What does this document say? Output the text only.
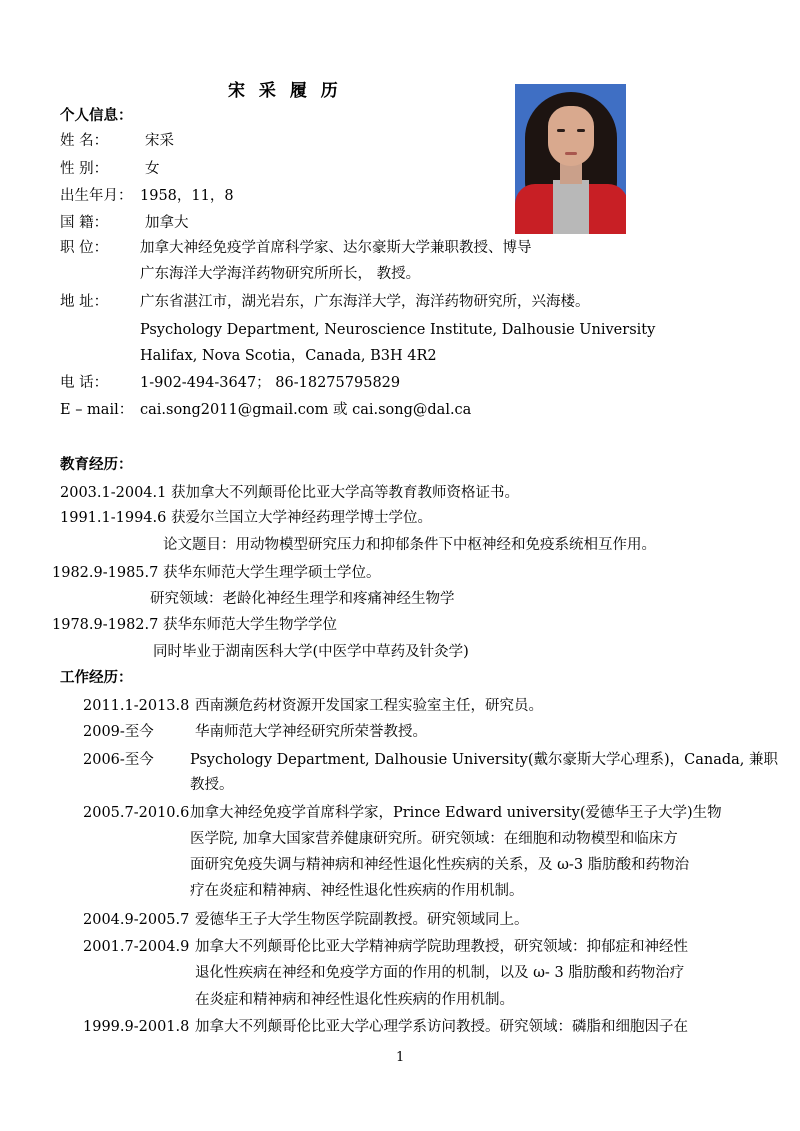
宋 采 履 历
个人信息：
姓 名：	宋采
性 别：	女
出生年月： 1958，11，8
国 籍：	加拿大
职 位： 加拿大神经免疫学首席科学家、达尔豪斯大学兼职教授、博导
广东海洋大学海洋药物研究所所长， 教授。
地 址： 广东省湛江市，湖光岩东，广东海洋大学，海洋药物研究所，兴海楼。
Psychology Department, Neuroscience Institute, Dalhousie University
Halifax, Nova Scotia，Canada, B3H 4R2
电 话： 1-902-494-3647； 86-18275795829
E – mail： cai.song2011@gmail.com 或 cai.song@dal.ca
教育经历：
2003.1-2004.1 获加拿大不列颠哥伦比亚大学高等教育教师资格证书。
1991.1-1994.6 获爱尔兰国立大学神经药理学博士学位。
论文题目：用动物模型研究压力和抑郁条件下中枢神经和免疫系统相互作用。
1982.9-1985.7 获华东师范大学生理学硕士学位。
研究领域：老龄化神经生理学和疼痛神经生物学
1978.9-1982.7 获华东师范大学生物学学位
同时毕业于湖南医科大学(中医学中草药及针灸学)
工作经历：
2011.1-2013.8 西南濒危药材资源开发国家工程实验室主任，研究员。
2009-至今	华南师范大学神经研究所荣誉教授。
2006-至今 Psychology Department, Dalhousie University(戴尔豪斯大学心理系)，Canada, 兼职
教授。
2005.7-2010.6 加拿大神经免疫学首席科学家，Prince Edward university(爱德华王子大学)生物
医学院, 加拿大国家营养健康研究所。研究领域：在细胞和动物模型和临床方
面研究免疫失调与精神病和神经性退化性疾病的关系，及 ω-3 脂肪酸和药物治
疗在炎症和精神病、神经性退化性疾病的作用机制。
2004.9-2005.7 爱德华王子大学生物医学院副教授。研究领域同上。
2001.7-2004.9 加拿大不列颠哥伦比亚大学精神病学院助理教授，研究领域：抑郁症和神经性
退化性疾病在神经和免疫学方面的作用的机制，以及 ω- 3 脂肪酸和药物治疗
在炎症和精神病和神经性退化性疾病的作用机制。
1999.9-2001.8 加拿大不列颠哥伦比亚大学心理学系访问教授。研究领域：磷脂和细胞因子在
1
